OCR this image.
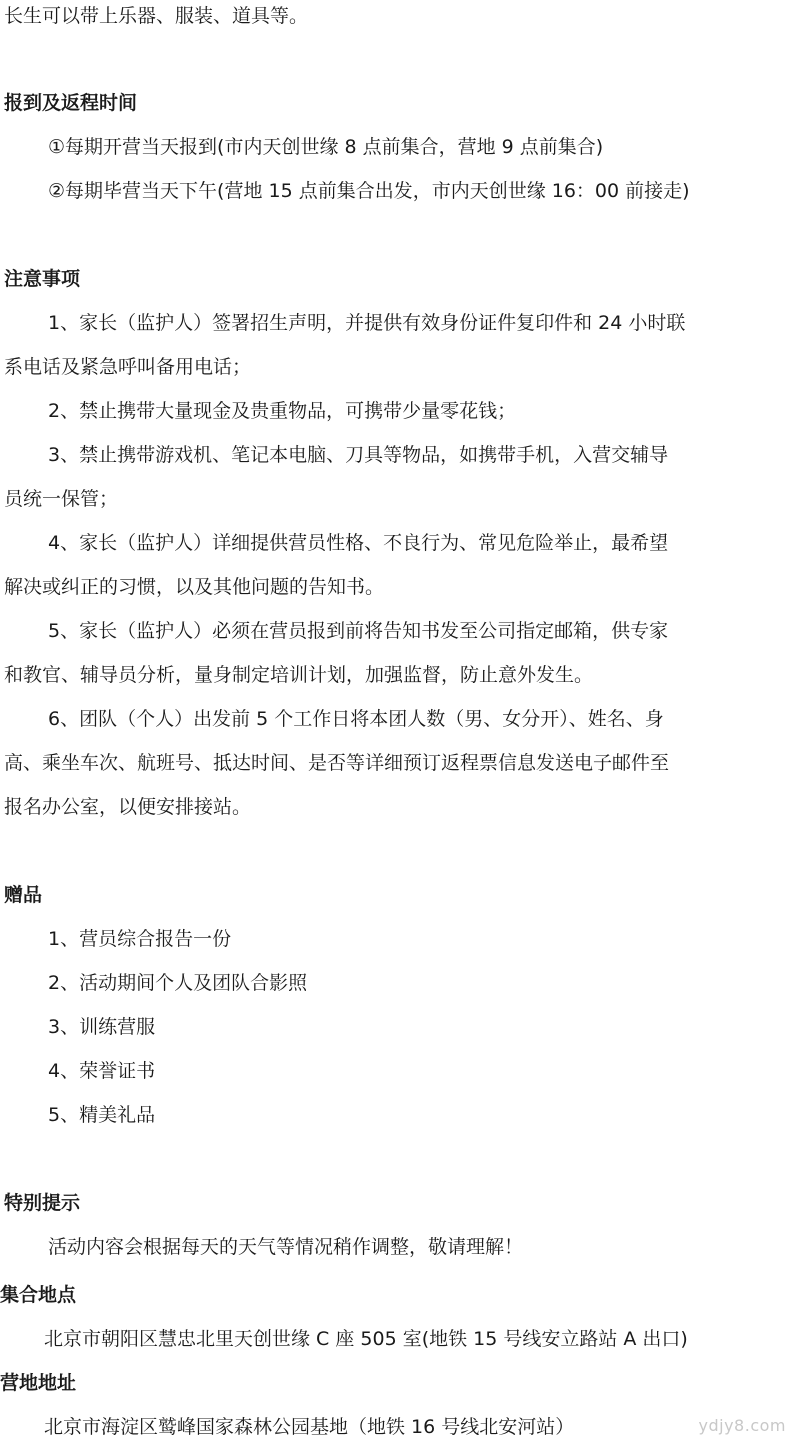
长生可以带上乐器、服装、道具等。
报到及返程时间
①每期开营当天报到(市内天创世缘 8 点前集合，营地 9 点前集合)
②每期毕营当天下午(营地 15 点前集合出发，市内天创世缘 16：00 前接走)
注意事项
1、家长（监护人）签署招生声明，并提供有效身份证件复印件和 24 小时联
系电话及紧急呼叫备用电话；
2、禁止携带大量现金及贵重物品，可携带少量零花钱；
3、禁止携带游戏机、笔记本电脑、刀具等物品，如携带手机，入营交辅导
员统一保管；
4、家长（监护人）详细提供营员性格、不良行为、常见危险举止，最希望
解决或纠正的习惯，以及其他问题的告知书。
5、家长（监护人）必须在营员报到前将告知书发至公司指定邮箱，供专家
和教官、辅导员分析，量身制定培训计划，加强监督，防止意外发生。
6、团队（个人）出发前 5 个工作日将本团人数（男、女分开）、姓名、身
高、乘坐车次、航班号、抵达时间、是否等详细预订返程票信息发送电子邮件至
报名办公室，以便安排接站。
赠品
1、营员综合报告一份
2、活动期间个人及团队合影照
3、训练营服
4、荣誉证书
5、精美礼品
特别提示
活动内容会根据每天的天气等情况稍作调整，敬请理解！
集合地点
北京市朝阳区慧忠北里天创世缘 C 座 505 室(地铁 15 号线安立路站 A 出口)
营地地址
北京市海淀区鹫峰国家森林公园基地（地铁 16 号线北安河站）	ydjy8.com
